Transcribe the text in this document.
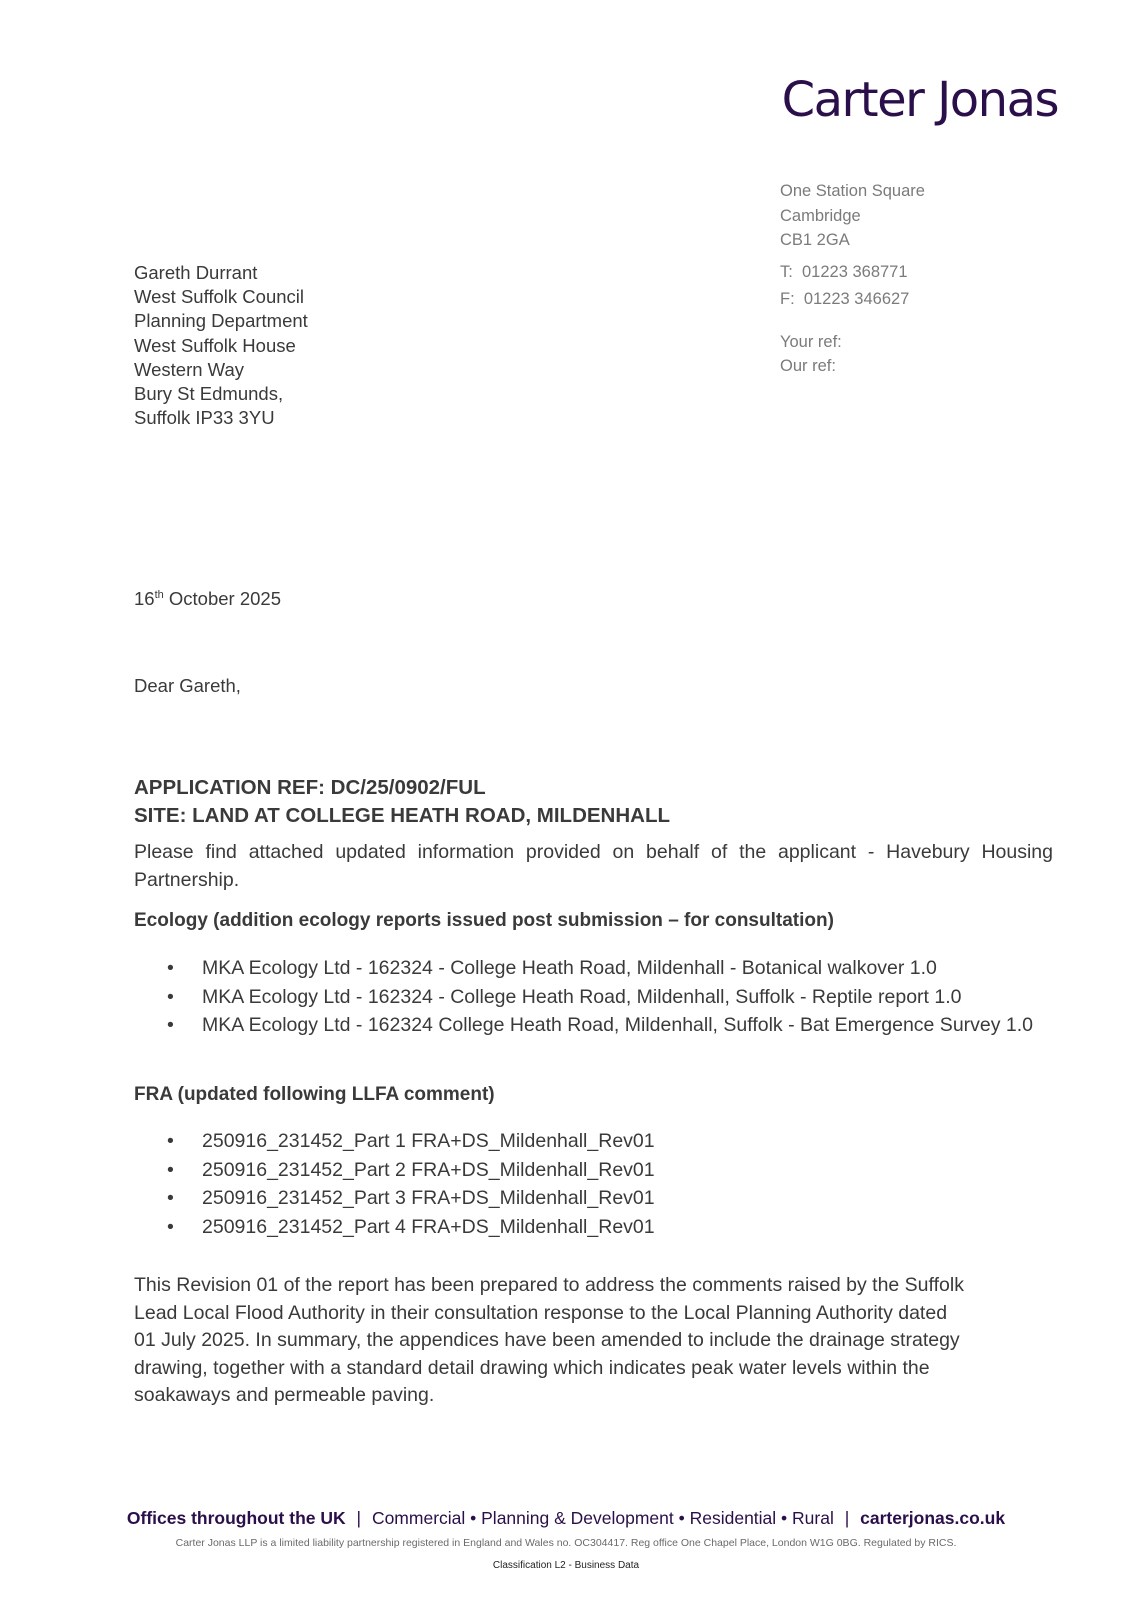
Carter Jonas
One Station Square
Cambridge
CB1 2GA
T:  01223 368771
F:  01223 346627
Your ref:
Our ref:
Gareth Durrant
West Suffolk Council
Planning Department
West Suffolk House
Western Way
Bury St Edmunds,
Suffolk IP33 3YU
16th October 2025
Dear Gareth,
APPLICATION REF: DC/25/0902/FUL
SITE: LAND AT COLLEGE HEATH ROAD, MILDENHALL
Please find attached updated information provided on behalf of the applicant - Havebury Housing Partnership.
Ecology (addition ecology reports issued post submission – for consultation)
• MKA Ecology Ltd - 162324 - College Heath Road, Mildenhall - Botanical walkover 1.0
• MKA Ecology Ltd - 162324 - College Heath Road, Mildenhall, Suffolk - Reptile report 1.0
• MKA Ecology Ltd - 162324 College Heath Road, Mildenhall, Suffolk - Bat Emergence Survey 1.0
FRA (updated following LLFA comment)
• 250916_231452_Part 1 FRA+DS_Mildenhall_Rev01
• 250916_231452_Part 2 FRA+DS_Mildenhall_Rev01
• 250916_231452_Part 3 FRA+DS_Mildenhall_Rev01
• 250916_231452_Part 4 FRA+DS_Mildenhall_Rev01
This Revision 01 of the report has been prepared to address the comments raised by the Suffolk
Lead Local Flood Authority in their consultation response to the Local Planning Authority dated
01 July 2025. In summary, the appendices have been amended to include the drainage strategy
drawing, together with a standard detail drawing which indicates peak water levels within the
soakaways and permeable paving.
Offices throughout the UK | Commercial • Planning & Development • Residential • Rural | carterjonas.co.uk
Carter Jonas LLP is a limited liability partnership registered in England and Wales no. OC304417. Reg office One Chapel Place, London W1G 0BG. Regulated by RICS.
Classification L2 - Business Data
